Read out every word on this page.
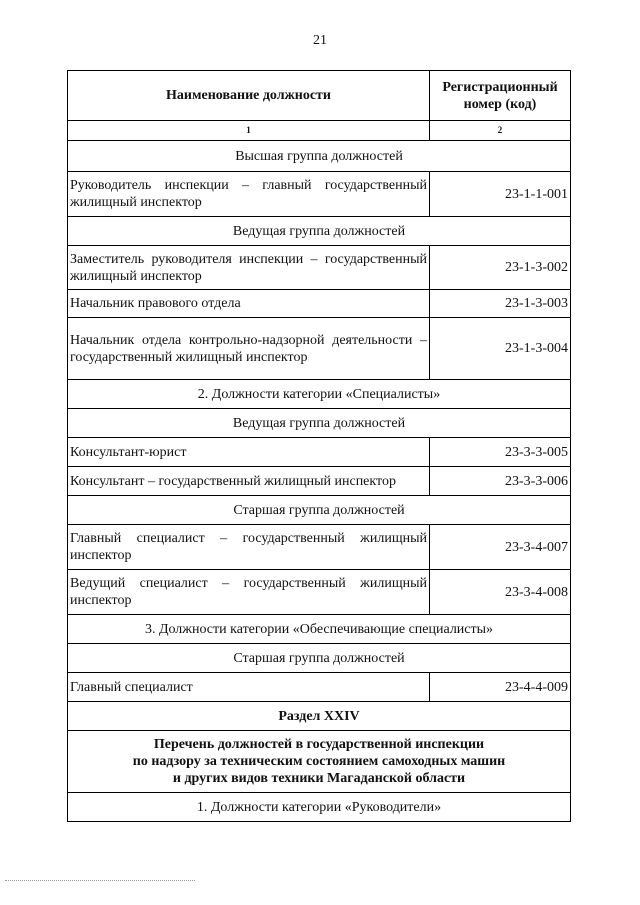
21
Наименование должности	Регистрационный
номер (код)

1	2
Высшая группа должностей	
Руководитель инспекции – главный государственный жилищный инспектор	23-1-1-001
Ведущая группа должностей	
Заместитель руководителя инспекции – государственный жилищный инспектор	23-1-3-002
Начальник правового отдела	23-1-3-003
Начальник отдела контрольно-надзорной деятельности – государственный жилищный инспектор	23-1-3-004
2. Должности категории «Специалисты»	
Ведущая группа должностей	
Консультант-юрист	23-3-3-005
Консультант – государственный жилищный инспектор	23-3-3-006
Старшая группа должностей	
Главный специалист – государственный жилищный инспектор	23-3-4-007
Ведущий специалист – государственный жилищный инспектор	23-3-4-008
3. Должности категории «Обеспечивающие специалисты»	
Старшая группа должностей	
Главный специалист	23-4-4-009
Раздел XXIV	

Перечень должностей в государственной инспекции
по надзору за техническим состоянием самоходных машин
и других видов техники Магаданской области	

1. Должности категории «Руководители»	
